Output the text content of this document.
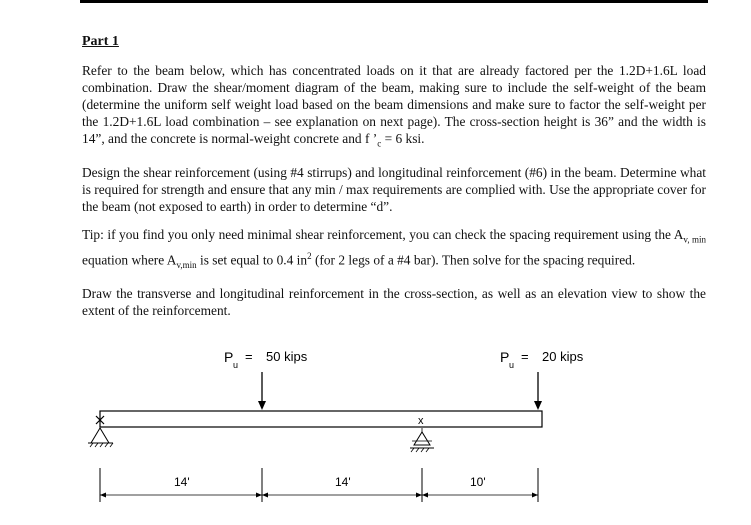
Part 1

Refer to the beam below, which has concentrated loads on it that are already factored per the 1.2D+1.6L load combination. Draw the shear/moment diagram of the beam, making sure to include the self-weight of the beam (determine the uniform self weight load based on the beam dimensions and make sure to factor the self-weight per the 1.2D+1.6L load combination – see explanation on next page). The cross-section height is 36” and the width is 14”, and the concrete is normal-weight concrete and f $’_c = 6$ ksi.

Design the shear reinforcement (using #4 stirrups) and longitudinal reinforcement (#6) in the beam. Determine what is required for strength and ensure that any min / max requirements are complied with. Use the appropriate cover for the beam (not exposed to earth) in order to determine “d”.

Tip: if you find you only need minimal shear reinforcement, you can check the spacing requirement using the $A_{v, min}$ equation where $A_{v,min}$ is set equal to 0.4 $in^2$ (for 2 legs of a #4 bar). Then solve for the spacing required.

Draw the transverse and longitudinal reinforcement in the cross-section, as well as an elevation view to show the extent of the reinforcement.

P u
= 50 kips	P u
= 20 kips
x
14'	14'	10'
